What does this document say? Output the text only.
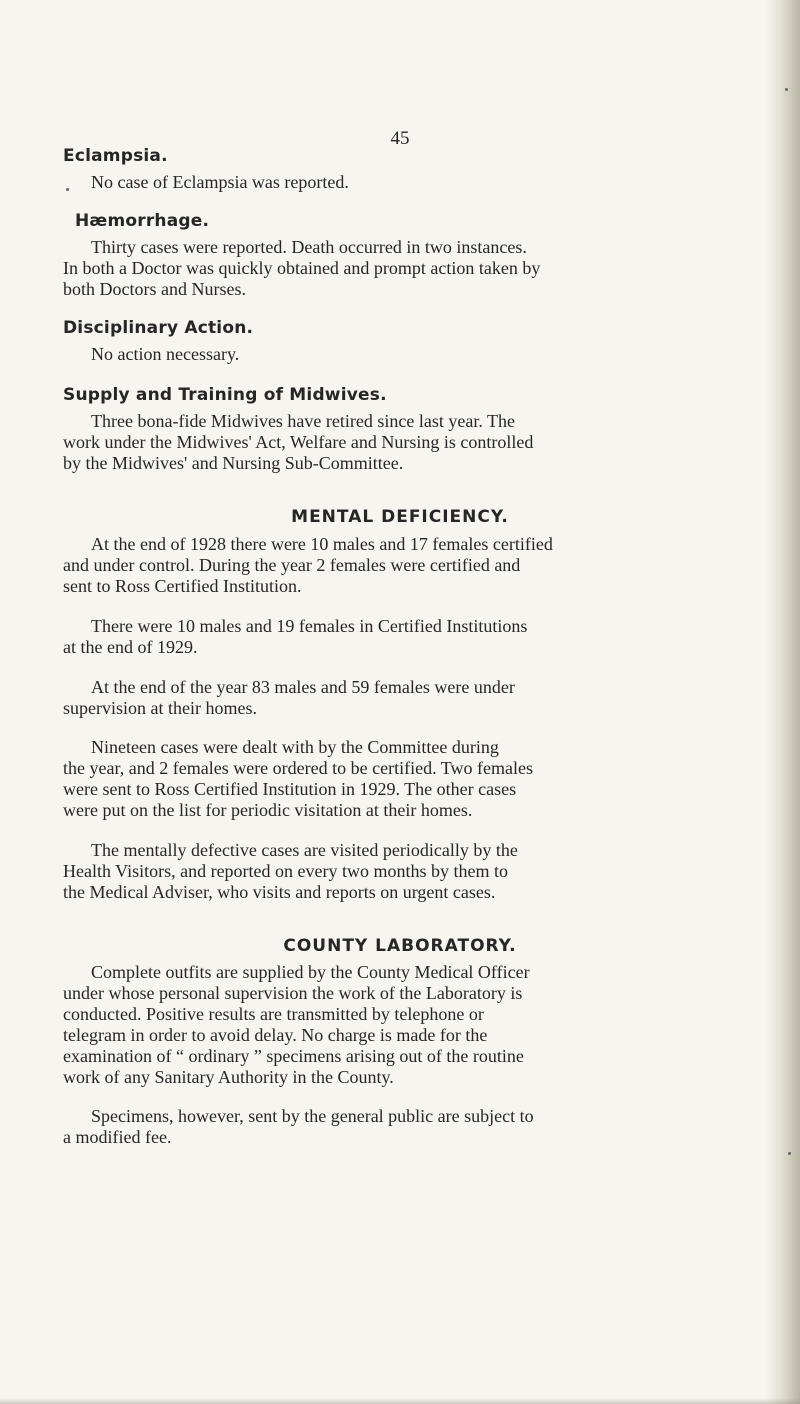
45
Eclampsia.
No case of Eclampsia was reported.
Hæmorrhage.
Thirty cases were reported. Death occurred in two instances.
In both a Doctor was quickly obtained and prompt action taken by
both Doctors and Nurses.
Disciplinary Action.
No action necessary.
Supply and Training of Midwives.
Three bona-fide Midwives have retired since last year. The
work under the Midwives' Act, Welfare and Nursing is controlled
by the Midwives' and Nursing Sub-Committee.
MENTAL DEFICIENCY.
At the end of 1928 there were 10 males and 17 females certified
and under control. During the year 2 females were certified and
sent to Ross Certified Institution.
There were 10 males and 19 females in Certified Institutions
at the end of 1929.
At the end of the year 83 males and 59 females were under
supervision at their homes.
Nineteen cases were dealt with by the Committee during
the year, and 2 females were ordered to be certified. Two females
were sent to Ross Certified Institution in 1929. The other cases
were put on the list for periodic visitation at their homes.
The mentally defective cases are visited periodically by the
Health Visitors, and reported on every two months by them to
the Medical Adviser, who visits and reports on urgent cases.
COUNTY LABORATORY.
Complete outfits are supplied by the County Medical Officer
under whose personal supervision the work of the Laboratory is
conducted. Positive results are transmitted by telephone or
telegram in order to avoid delay. No charge is made for the
examination of “ ordinary ” specimens arising out of the routine
work of any Sanitary Authority in the County.
Specimens, however, sent by the general public are subject to
a modified fee.
